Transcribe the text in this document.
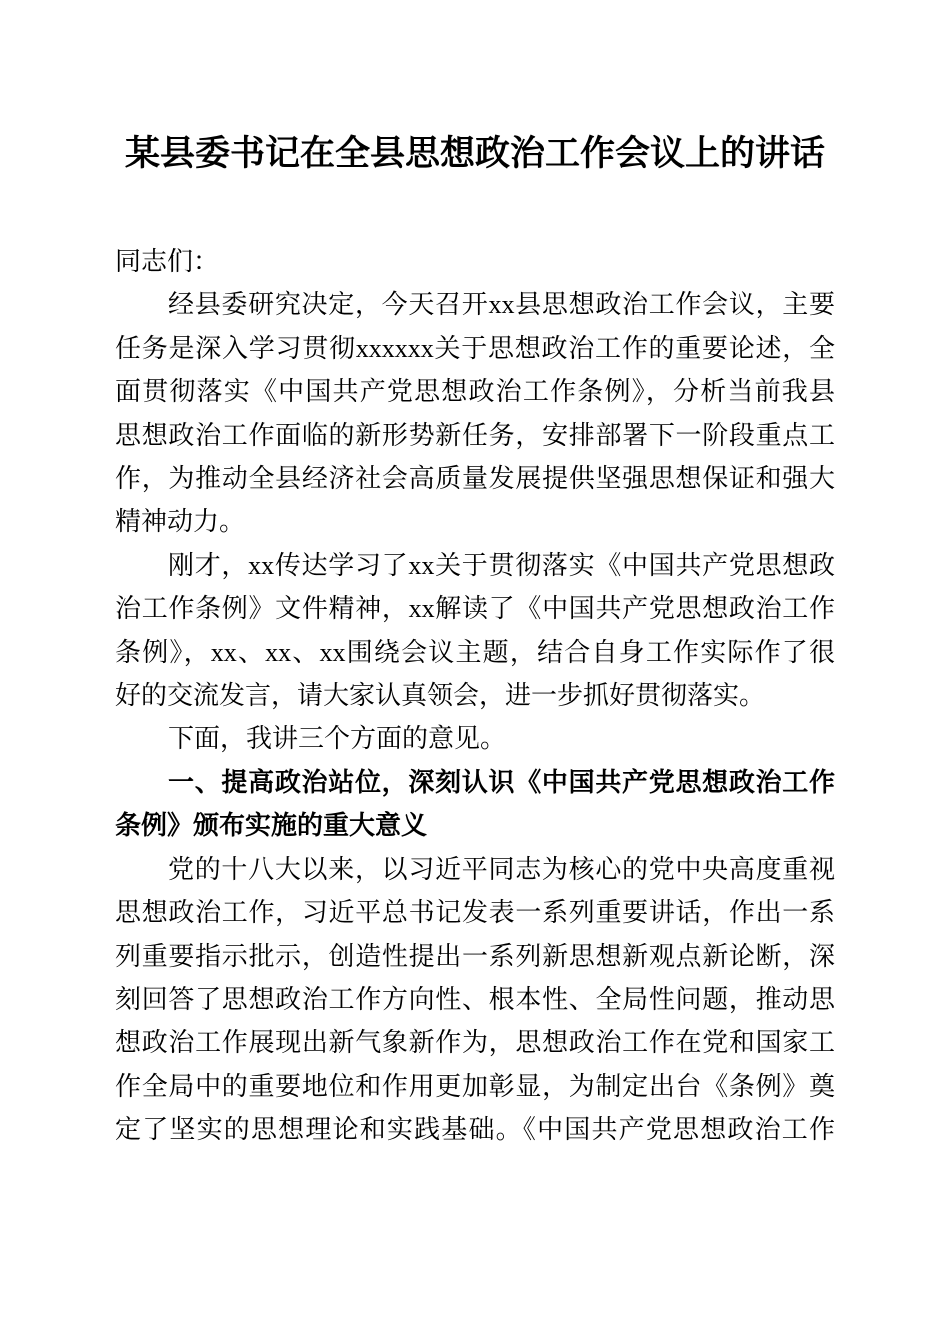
某县委书记在全县思想政治工作会议上的讲话

同志们：

经县委研究决定，今天召开xx县思想政治工作会议，主要

任务是深入学习贯彻xxxxxx关于思想政治工作的重要论述，全

面贯彻落实《中国共产党思想政治工作条例》，分析当前我县

思想政治工作面临的新形势新任务，安排部署下一阶段重点工

作，为推动全县经济社会高质量发展提供坚强思想保证和强大

精神动力。

刚才，xx传达学习了xx关于贯彻落实《中国共产党思想政

治工作条例》文件精神，xx解读了《中国共产党思想政治工作

条例》，xx、xx、xx围绕会议主题，结合自身工作实际作了很

好的交流发言，请大家认真领会，进一步抓好贯彻落实。

下面，我讲三个方面的意见。

一、提高政治站位，深刻认识《中国共产党思想政治工作

条例》颁布实施的重大意义

党的十八大以来，以习近平同志为核心的党中央高度重视

思想政治工作，习近平总书记发表一系列重要讲话，作出一系

列重要指示批示，创造性提出一系列新思想新观点新论断，深

刻回答了思想政治工作方向性、根本性、全局性问题，推动思

想政治工作展现出新气象新作为，思想政治工作在党和国家工

作全局中的重要地位和作用更加彰显，为制定出台《条例》奠

定了坚实的思想理论和实践基础。《中国共产党思想政治工作
